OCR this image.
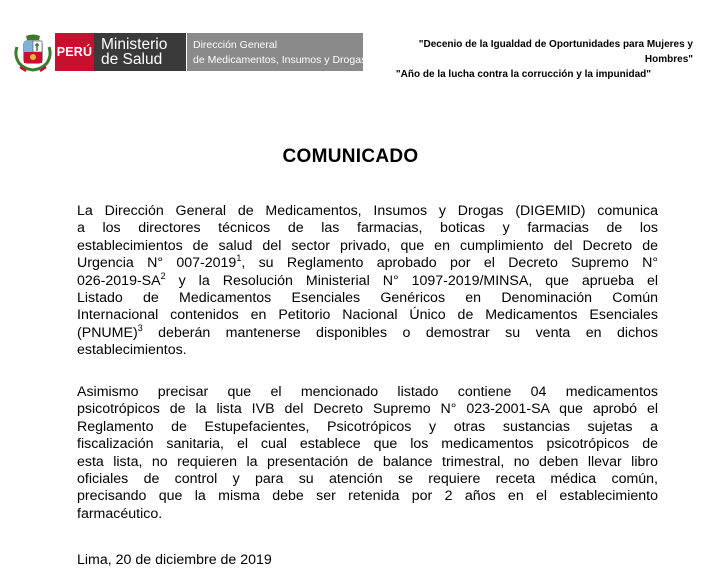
PERÚ Ministerio
de Salud
Dirección General
de Medicamentos, Insumos y Drogas
"Decenio de la Igualdad de Oportunidades para Mujeres y Hombres"
"Año de la lucha contra la corrucción y la impunidad"
COMUNICADO
La Dirección General de Medicamentos, Insumos y Drogas (DIGEMID) comunica
a los directores técnicos de las farmacias, boticas y farmacias de los
establecimientos de salud del sector privado, que en cumplimiento del Decreto de
Urgencia N° 007-2019$^1$, su Reglamento aprobado por el Decreto Supremo N°
$026-2019-SA^2$ y la Resolución Ministerial N° 1097-2019/MINSA, que aprueba el
Listado de Medicamentos Esenciales Genéricos en Denominación Común
Internacional contenidos en Petitorio Nacional Único de Medicamentos Esenciales
(PNUME)$^3$ deberán mantenerse disponibles o demostrar su venta en dichos
establecimientos.
Asimismo precisar que el mencionado listado contiene 04 medicamentos
psicotrópicos de la lista IVB del Decreto Supremo N° 023-2001-SA que aprobó el
Reglamento de Estupefacientes, Psicotrópicos y otras sustancias sujetas a
fiscalización sanitaria, el cual establece que los medicamentos psicotrópicos de
esta lista, no requieren la presentación de balance trimestral, no deben llevar libro
oficiales de control y para su atención se requiere receta médica común,
precisando que la misma debe ser retenida por 2 años en el establecimiento
farmacéutico.
Lima, 20 de diciembre de 2019
